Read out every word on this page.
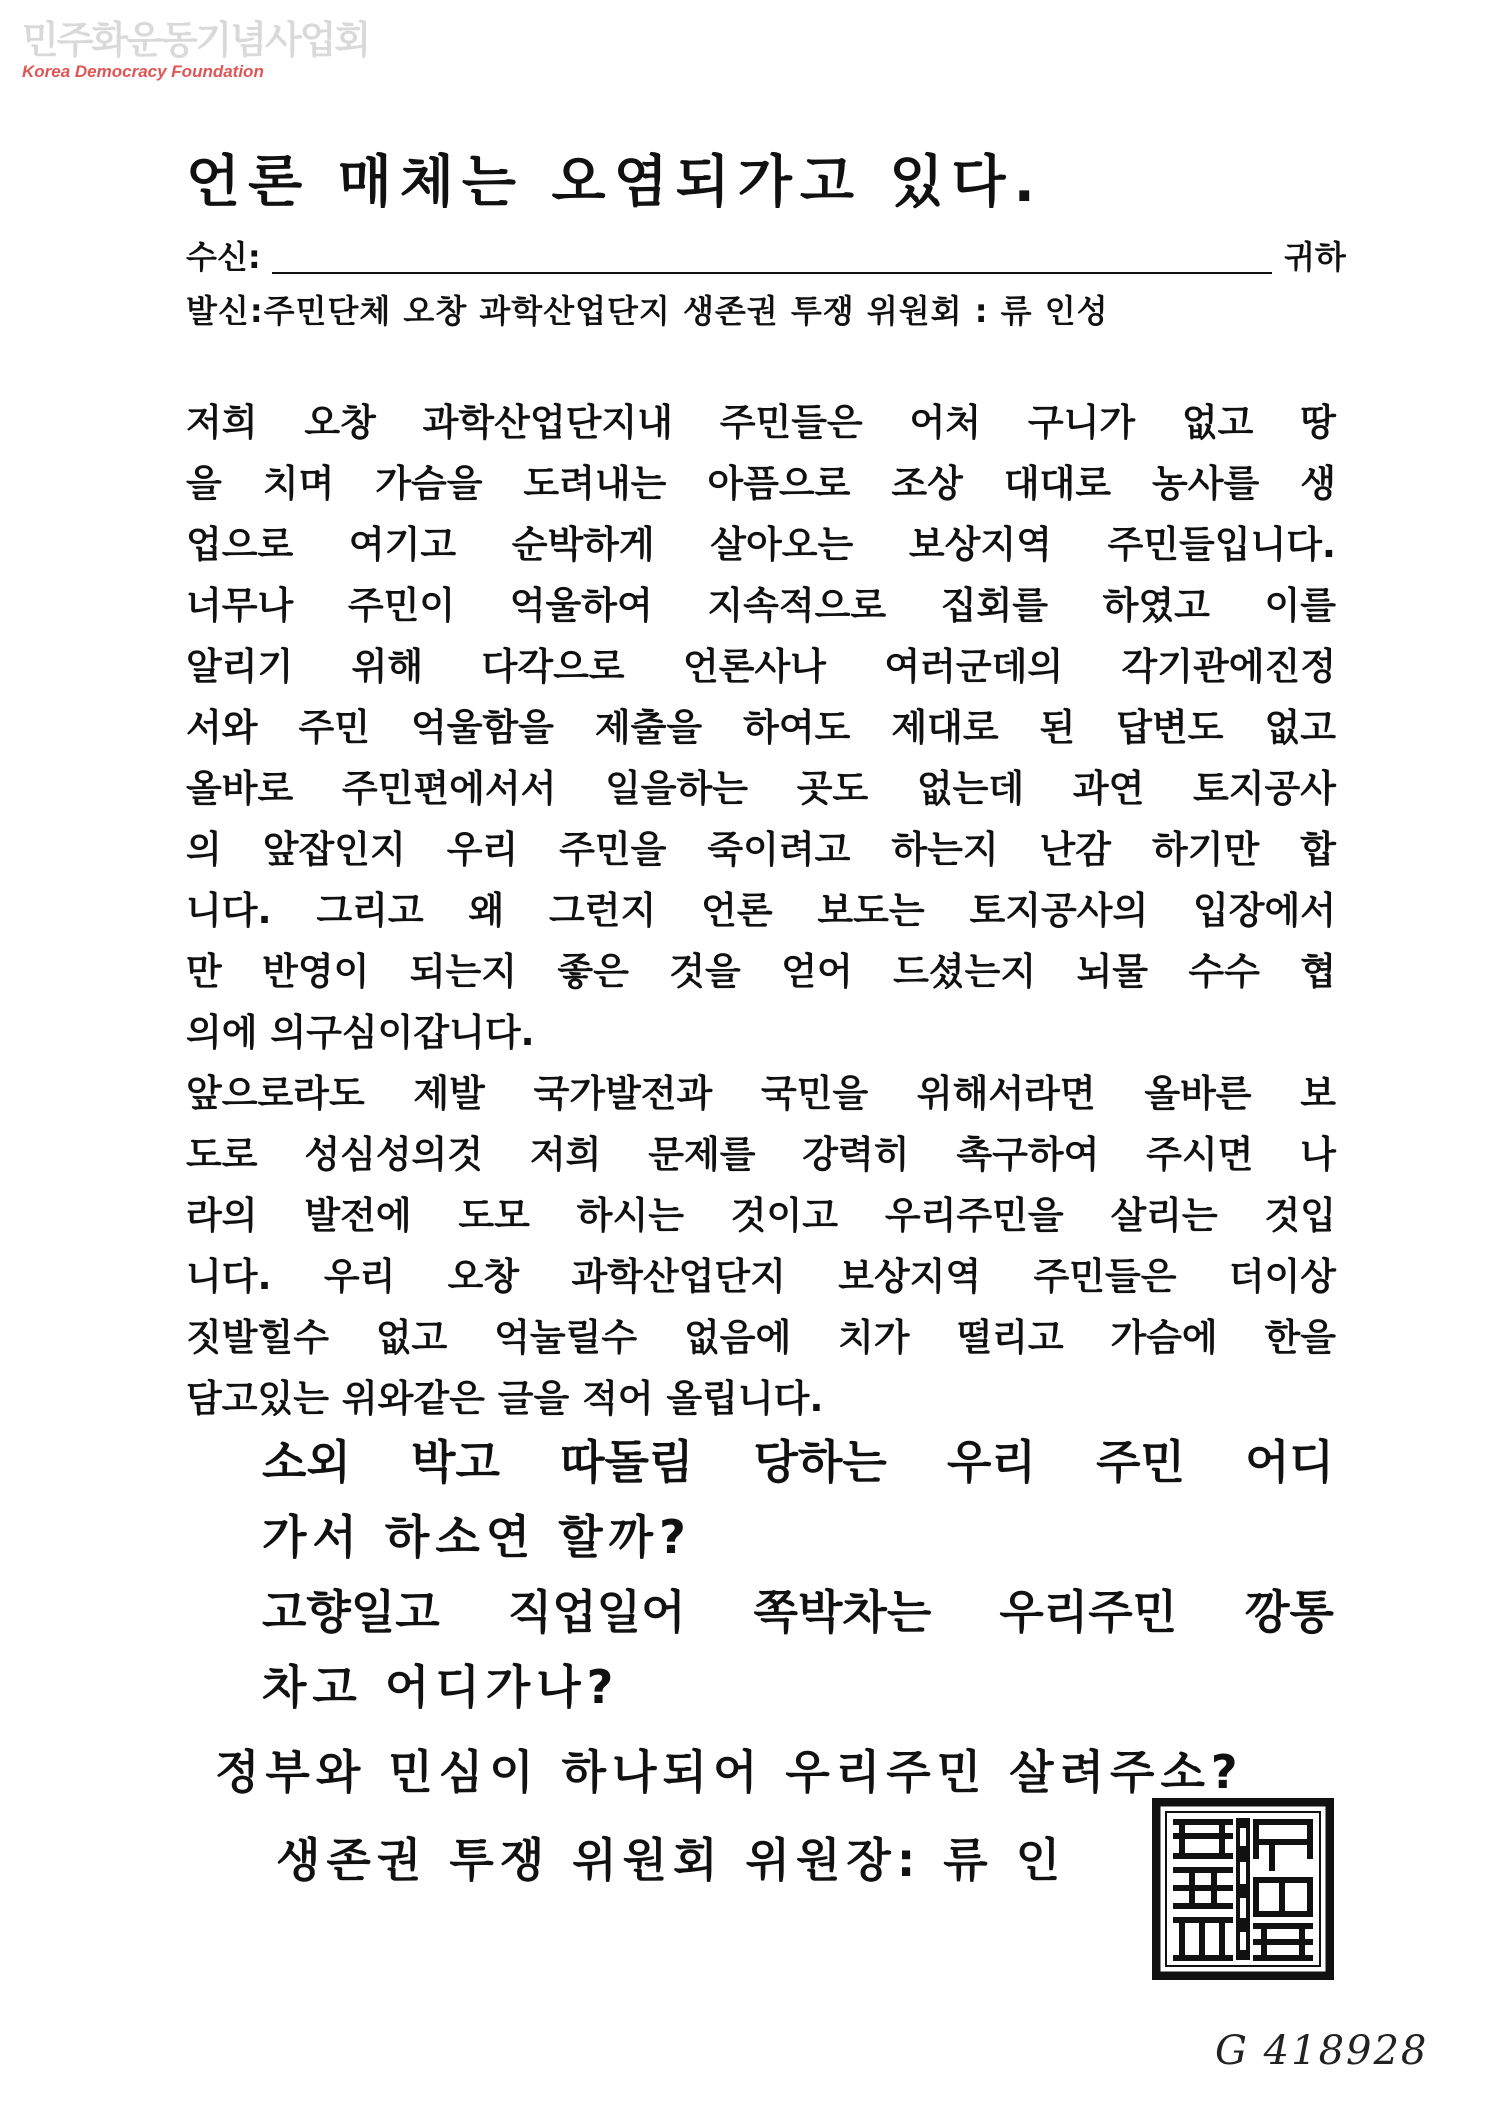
민주화운동기념사업회
Korea Democracy Foundation
언론 매체는 오염되가고 있다.
수신:	귀하
발신:주민단체 오창 과학산업단지 생존권 투쟁 위원회 : 류 인성
저희 오창 과학산업단지내 주민들은 어처 구니가 없고 땅
을 치며 가슴을 도려내는 아픔으로 조상 대대로 농사를 생
업으로 여기고 순박하게 살아오는 보상지역 주민들입니다.
너무나 주민이 억울하여 지속적으로 집회를 하였고 이를
알리기 위해 다각으로 언론사나 여러군데의 각기관에진정
서와 주민 억울함을 제출을 하여도 제대로 된 답변도 없고
올바로 주민편에서서 일을하는 곳도 없는데 과연 토지공사
의 앞잡인지 우리 주민을 죽이려고 하는지 난감 하기만 합
니다. 그리고 왜 그런지 언론 보도는 토지공사의 입장에서
만 반영이 되는지 좋은 것을 얻어 드셨는지 뇌물 수수 협
의에 의구심이갑니다.
앞으로라도 제발 국가발전과 국민을 위해서라면 올바른 보
도로 성심성의것 저희 문제를 강력히 촉구하여 주시면 나
라의 발전에 도모 하시는 것이고 우리주민을 살리는 것입
니다. 우리 오창 과학산업단지 보상지역 주민들은 더이상
짓발힐수 없고 억눌릴수 없음에 치가 떨리고 가슴에 한을
담고있는 위와같은 글을 적어 올립니다.
소외 박고 따돌림 당하는 우리 주민 어디
가서 하소연 할까?
고향일고 직업일어 쪽박차는 우리주민 깡통
차고 어디가나?
정부와 민심이 하나되어 우리주민 살려주소?
생존권 투쟁 위원회 위원장: 류 인
G 418928
